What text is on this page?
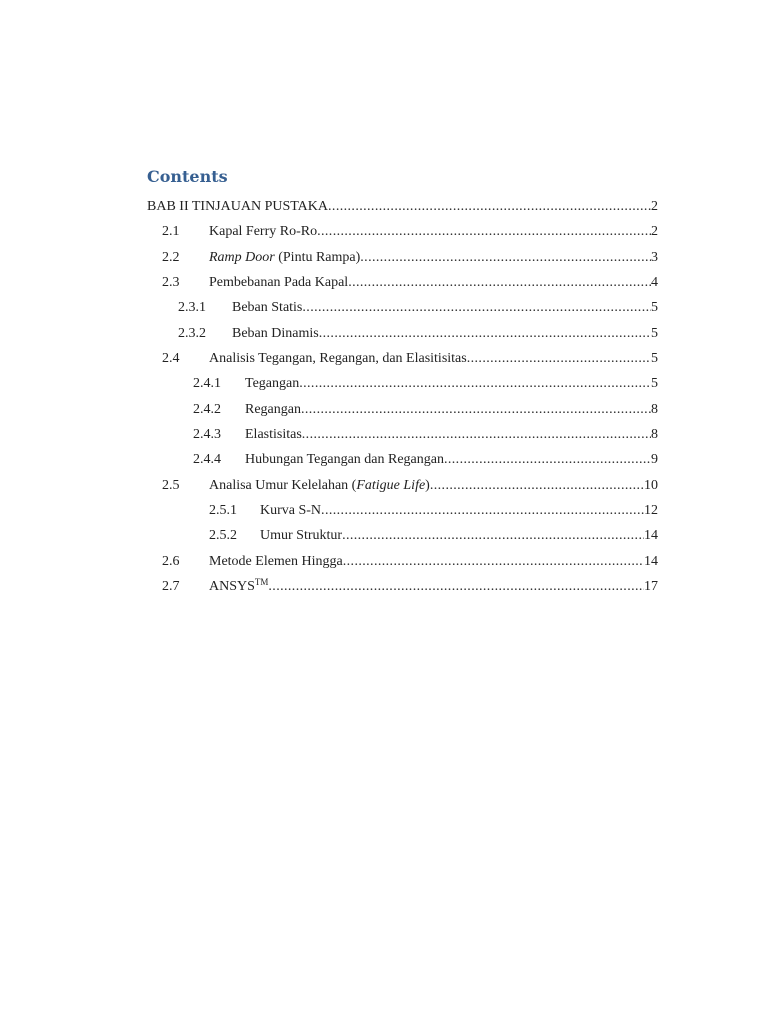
Contents
BAB II TINJAUAN PUSTAKA .....	2
2.1	Kapal Ferry Ro-Ro .....	2
2.2	Ramp Door (Pintu Rampa) .....	3
2.3	Pembebanan Pada Kapal .....	4
2.3.1	Beban Statis .....	5
2.3.2	Beban Dinamis .....	5
2.4	Analisis Tegangan, Regangan, dan Elasitisitas .....	5
2.4.1	Tegangan .....	5
2.4.2	Regangan .....	8
2.4.3	Elastisitas .....	8
2.4.4	Hubungan Tegangan dan Regangan .....	9
2.5	Analisa Umur Kelelahan (Fatigue Life) .....	10
2.5.1	Kurva S-N .....	12
2.5.2	Umur Struktur .....	14
2.6	Metode Elemen Hingga .....	14
2.7	ANSYS™ .....	17
